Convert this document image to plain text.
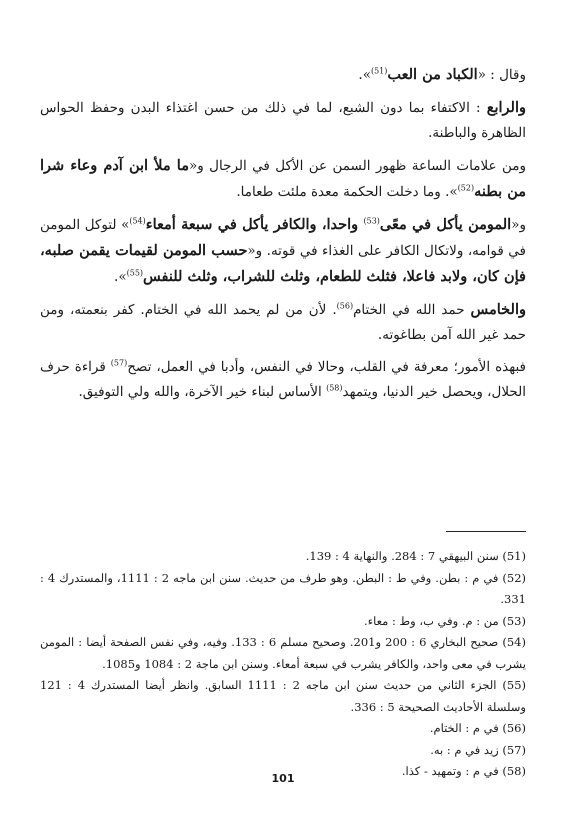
وقال : «الكباد من العب$^{(51)}$».

والرابع : الاكتفاء بما دون الشبع، لما في ذلك من حسن اغتذاء البدن وحفظ الحواس الظاهرة والباطنة.

ومن علامات الساعة ظهور السمن عن الأكل في الرجال و«ما ملأ ابن آدم وعاء شرا من بطنه$^{(52)}$». وما دخلت الحكمة معدة ملئت طعاما.

و«المومن يأكل في معًى$^{(53)}$ واحدا، والكافر يأكل في سبعة أمعاء$^{(54)}$» لتوكل المومن في قوامه، ولاتكال الكافر على الغذاء في قوته. و«حسب المومن لقيمات يقمن صلبه، فإن كان، ولابد فاعلا، فثلث للطعام، وثلث للشراب، وثلث للنفس$^{(55)}$».

والخامس حمد الله في الختام$^{(56)}$. لأن من لم يحمد الله في الختام. كفر بنعمته، ومن حمد غير الله آمن بطاغوته.

فبهذه الأمور؛ معرفة في القلب، وحالا في النفس، وأدبا في العمل، تصح$^{(57)}$ قراءة حرف الحلال، ويحصل خير الدنيا، ويتمهد$^{(58)}$ الأساس لبناء خير الآخرة، والله ولي التوفيق.

(51) سنن البيهقي 7 : 284. والنهاية 4 : 139.

(52) في م : بطن. وفي ط : البطن. وهو طرف من حديث. سنن ابن ماجه 2 : 1111، والمستدرك 4 : 331.

(53) من : م. وفي ب، وط : معاء.

(54) صحيح البخاري 6 : 200 و201. وصحيح مسلم 6 : 133. وفيه، وفي نفس الصفحة أيضا : المومن يشرب في معى واحد، والكافر يشرب في سبعة أمعاء. وسنن ابن ماجة 2 : 1084 و1085.

(55) الجزء الثاني من حديث سنن ابن ماجه 2 : 1111 السابق. وانظر أيضا المستدرك 4 : 121 وسلسلة الأحاديث الصحيحة 5 : 336.

(56) في م : الختام.

(57) زيد في م : به.

(58) في م : وتمهيد - كذا.

101
